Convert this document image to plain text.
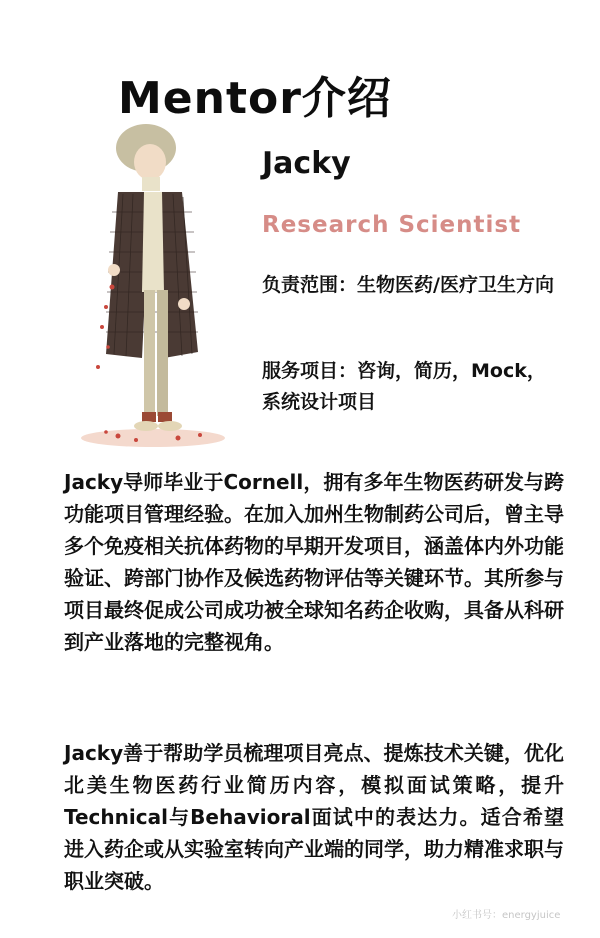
Mentor介绍
Jacky
Research Scientist
负责范围：生物医药/医疗卫生方向
服务项目：咨询，简历，Mock，系统设计项目
Jacky导师毕业于Cornell，拥有多年生物医药研发与跨功能项目管理经验。在加入加州生物制药公司后，曾主导多个免疫相关抗体药物的早期开发项目，涵盖体内外功能验证、跨部门协作及候选药物评估等关键环节。其所参与项目最终促成公司成功被全球知名药企收购，具备从科研到产业落地的完整视角。
Jacky善于帮助学员梳理项目亮点、提炼技术关键，优化北美生物医药行业简历内容，模拟面试策略，提升Technical与Behavioral面试中的表达力。适合希望进入药企或从实验室转向产业端的同学，助力精准求职与职业突破。
小红书号：energyjuice
